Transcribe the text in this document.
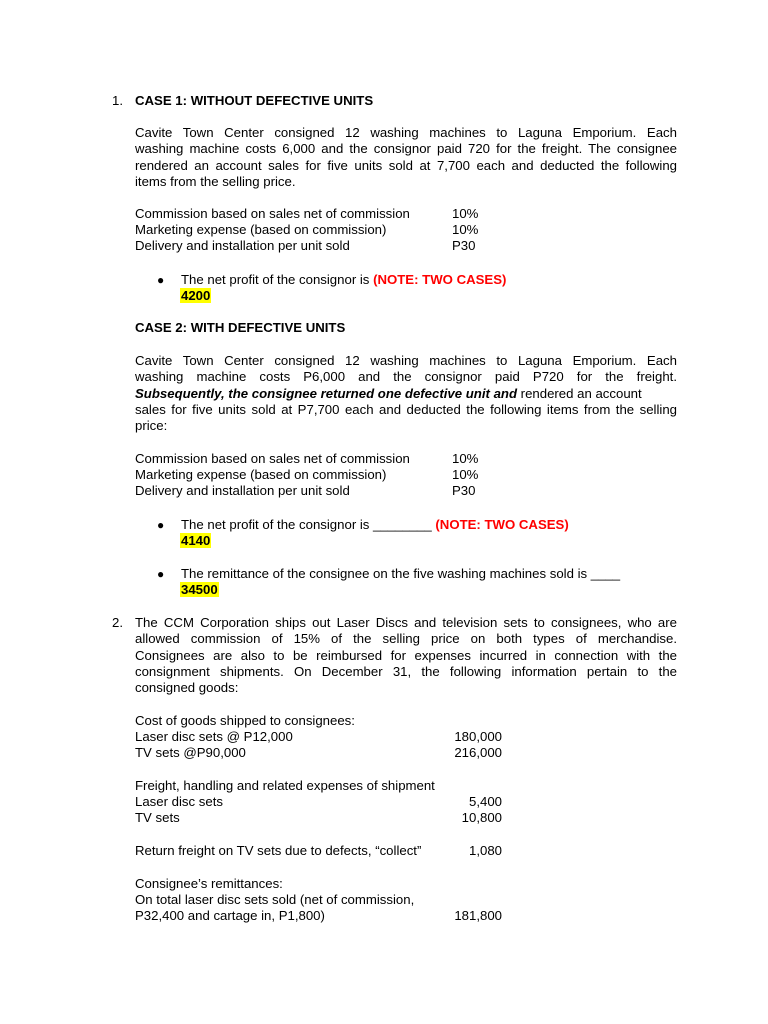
1. CASE 1: WITHOUT DEFECTIVE UNITS
Cavite Town Center consigned 12 washing machines to Laguna Emporium. Each
washing machine costs 6,000 and the consignor paid 720 for the freight. The consignee
rendered an account sales for five units sold at 7,700 each and deducted the following
items from the selling price.
Commission based on sales net of commission	10%
Marketing expense (based on commission)	10%
Delivery and installation per unit sold	P30
● The net profit of the consignor is (NOTE: TWO CASES)
4200
CASE 2: WITH DEFECTIVE UNITS
Cavite Town Center consigned 12 washing machines to Laguna Emporium. Each
washing machine costs P6,000 and the consignor paid P720 for the freight.
Subsequently, the consignee returned one defective unit and rendered an account
sales for five units sold at P7,700 each and deducted the following items from the selling
price:
Commission based on sales net of commission	10%
Marketing expense (based on commission)	10%
Delivery and installation per unit sold	P30
● The net profit of the consignor is ________ (NOTE: TWO CASES)
4140
● The remittance of the consignee on the five washing machines sold is ____
34500
2. The CCM Corporation ships out Laser Discs and television sets to consignees, who are
allowed commission of 15% of the selling price on both types of merchandise.
Consignees are also to be reimbursed for expenses incurred in connection with the
consignment shipments. On December 31, the following information pertain to the
consigned goods:
Cost of goods shipped to consignees:
Laser disc sets @ P12,000	180,000
TV sets @P90,000	216,000
Freight, handling and related expenses of shipment
Laser disc sets	5,400
TV sets	10,800
Return freight on TV sets due to defects, “collect”	1,080
Consignee’s remittances:
On total laser disc sets sold (net of commission,
P32,400 and cartage in, P1,800)	181,800
